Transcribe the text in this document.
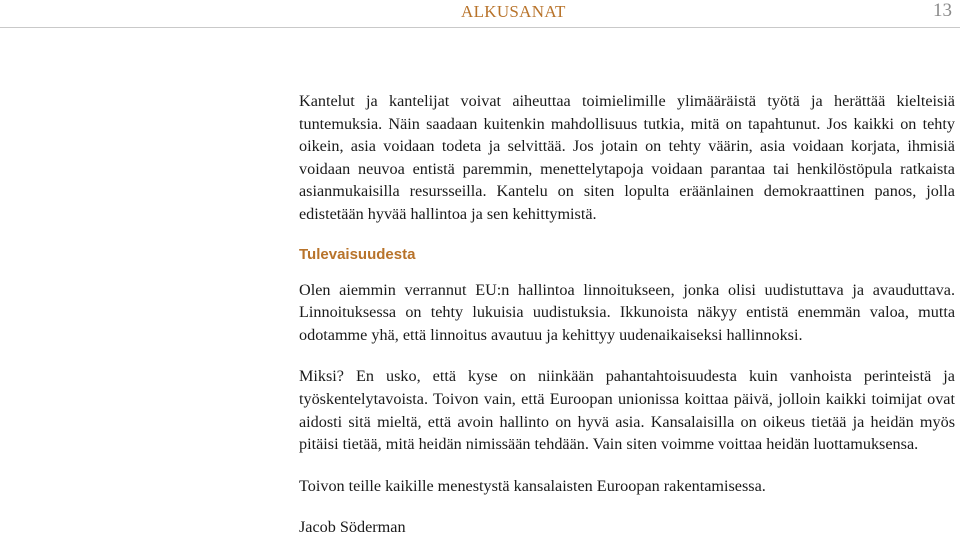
ALKUSANAT	13

Kantelut ja kantelijat voivat aiheuttaa toimielimille ylimääräistä työtä ja herättää kielteisiä tuntemuksia. Näin saadaan kuitenkin mahdollisuus tutkia, mitä on tapahtunut. Jos kaikki on tehty oikein, asia voidaan todeta ja selvittää. Jos jotain on tehty väärin, asia voidaan korjata, ihmisiä voidaan neuvoa entistä paremmin, menettelytapoja voidaan parantaa tai henkilöstöpula ratkaista asianmukaisilla resursseilla. Kantelu on siten lopulta eräänlainen demokraattinen panos, jolla edistetään hyvää hallintoa ja sen kehittymistä.

Tulevaisuudesta

Olen aiemmin verrannut EU:n hallintoa linnoitukseen, jonka olisi uudistuttava ja avauduttava. Linnoituksessa on tehty lukuisia uudistuksia. Ikkunoista näkyy entistä enemmän valoa, mutta odotamme yhä, että linnoitus avautuu ja kehittyy uudenaikaiseksi hallinnoksi.

Miksi? En usko, että kyse on niinkään pahantahtoisuudesta kuin vanhoista perinteistä ja työskentelytavoista. Toivon vain, että Euroopan unionissa koittaa päivä, jolloin kaikki toimijat ovat aidosti sitä mieltä, että avoin hallinto on hyvä asia. Kansalaisilla on oikeus tietää ja heidän myös pitäisi tietää, mitä heidän nimissään tehdään. Vain siten voimme voittaa heidän luottamuksensa.

Toivon teille kaikille menestystä kansalaisten Euroopan rakentamisessa.

Jacob Söderman
